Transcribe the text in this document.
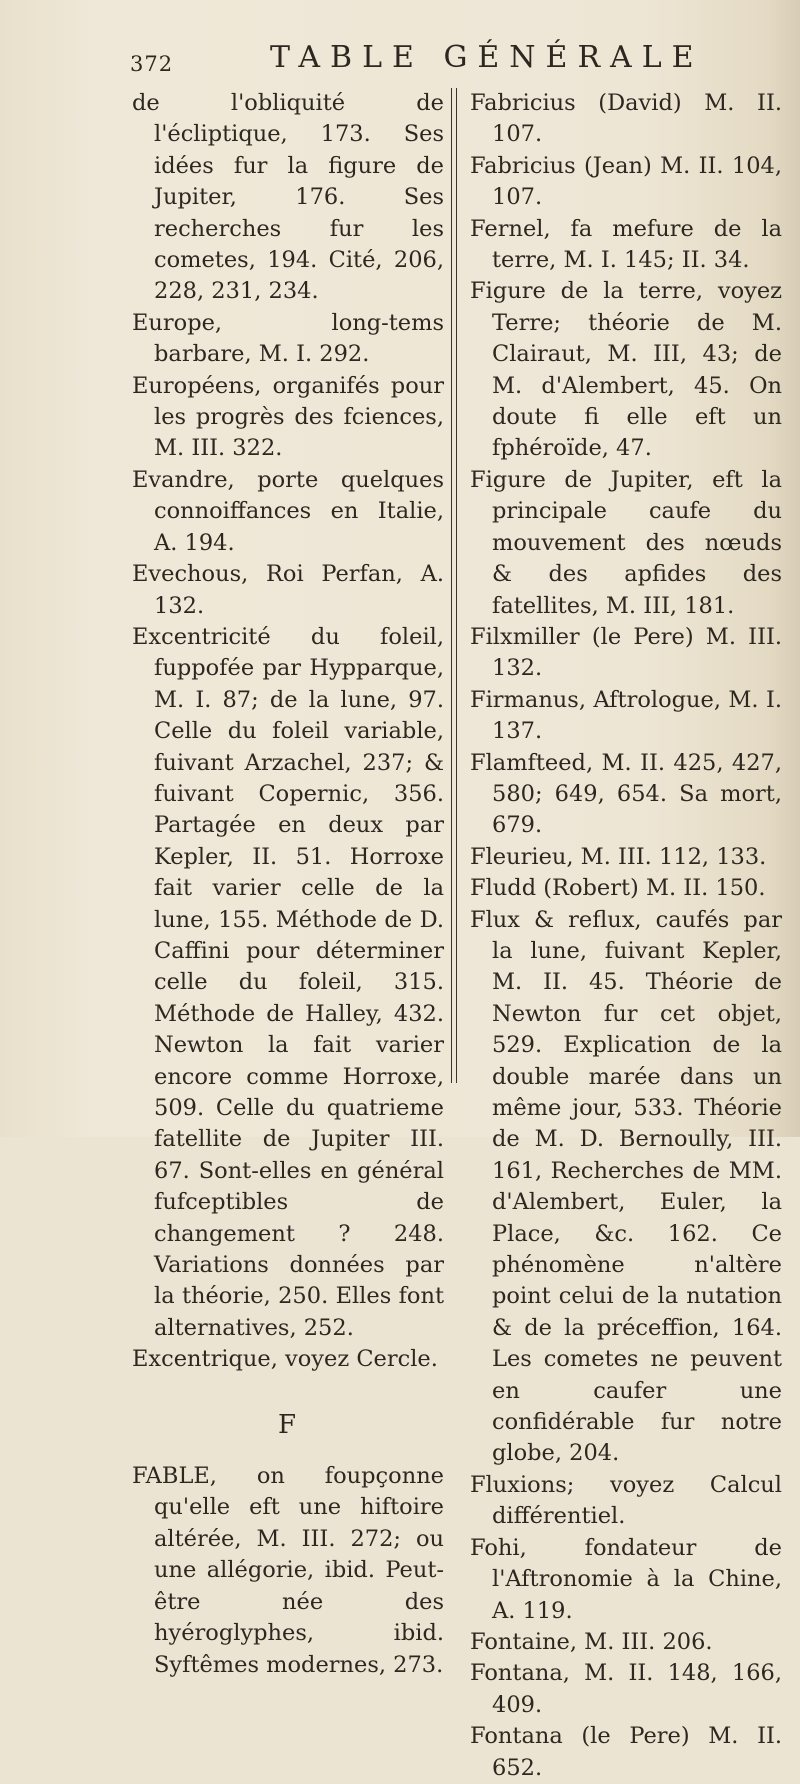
372	TABLE GÉNÉRALE

de l'obliquité de l'écliptique, 173. Ses idées fur la figure de Jupiter, 176. Ses recherches fur les cometes, 194. Cité, 206, 228, 231, 234.

Europe, long-tems barbare, M. I. 292.

Européens, organifés pour les progrès des fciences, M. III. 322.

Evandre, porte quelques connoiffances en Italie, A. 194.

Evechous, Roi Perfan, A. 132.

Excentricité du foleil, fuppofée par Hypparque, M. I. 87; de la lune, 97. Celle du foleil variable, fuivant Arzachel, 237; & fuivant Copernic, 356. Partagée en deux par Kepler, II. 51. Horroxe fait varier celle de la lune, 155. Méthode de D. Caffini pour déterminer celle du foleil, 315. Méthode de Halley, 432. Newton la fait varier encore comme Horroxe, 509. Celle du quatrieme fatellite de Jupiter III. 67. Sont-elles en général fufceptibles de changement ? 248. Variations données par la théorie, 250. Elles font alternatives, 252.

Excentrique, voyez Cercle.

F

FABLE, on foupçonne qu'elle eft une hiftoire altérée, M. III. 272; ou une allégorie, ibid. Peut-être née des hyéroglyphes, ibid. Syftêmes modernes, 273.

Fabricius (David) M. II. 107.

Fabricius (Jean) M. II. 104, 107.

Fernel, fa mefure de la terre, M. I. 145; II. 34.

Figure de la terre, voyez Terre; théorie de M. Clairaut, M. III, 43; de M. d'Alembert, 45. On doute fi elle eft un fphéroïde, 47.

Figure de Jupiter, eft la principale caufe du mouvement des nœuds & des apfides des fatellites, M. III, 181.

Filxmiller (le Pere) M. III. 132.

Firmanus, Aftrologue, M. I. 137.

Flamfteed, M. II. 425, 427, 580; 649, 654. Sa mort, 679.

Fleurieu, M. III. 112, 133.

Fludd (Robert) M. II. 150.

Flux & reflux, caufés par la lune, fuivant Kepler, M. II. 45. Théorie de Newton fur cet objet, 529. Explication de la double marée dans un même jour, 533. Théorie de M. D. Bernoully, III. 161, Recherches de MM. d'Alembert, Euler, la Place, &c. 162. Ce phénomène n'altère point celui de la nutation & de la préceffion, 164. Les cometes ne peuvent en caufer une confidérable fur notre globe, 204.

Fluxions; voyez Calcul différentiel.

Fohi, fondateur de l'Aftronomie à la Chine, A. 119.

Fontaine, M. III. 206.

Fontana, M. II. 148, 166, 409.

Fontana (le Pere) M. II. 652.
